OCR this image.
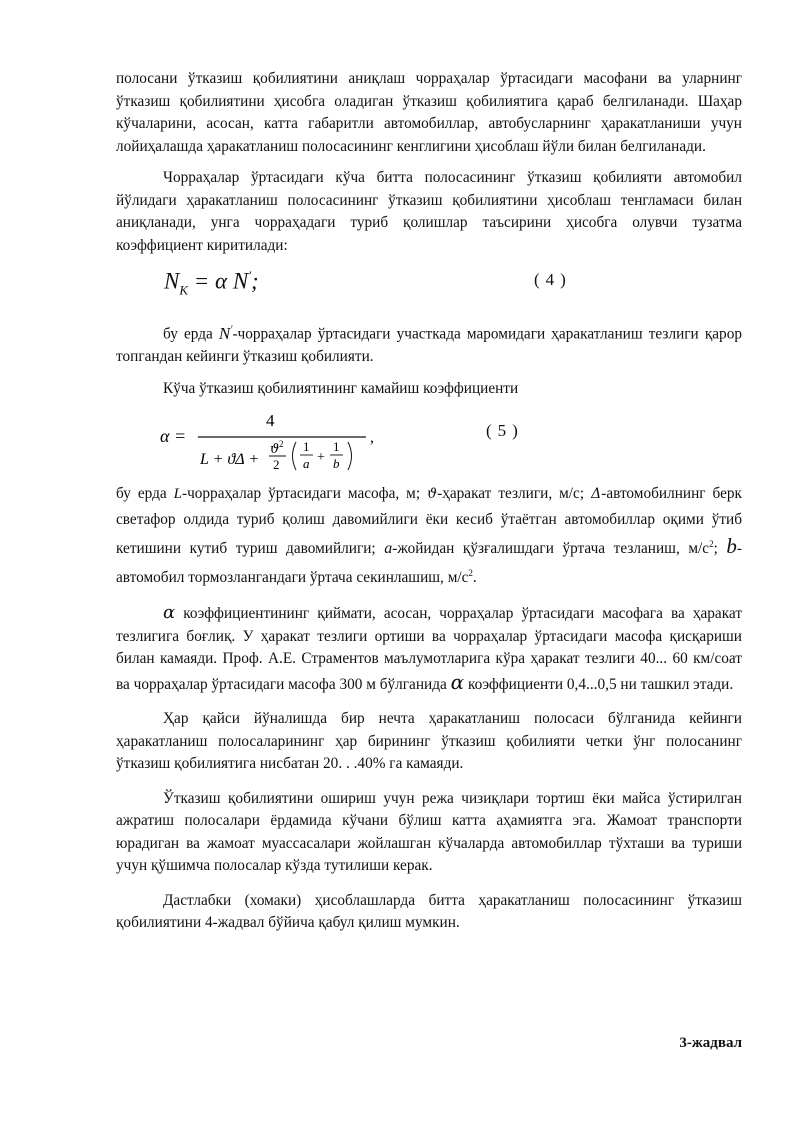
полосани ўтказиш қобилиятини аниқлаш чорраҳалар ўртасидаги масофани ва уларнинг ўтказиш қобилиятини ҳисобга оладиган ўтказиш қобилиятига қараб белгиланади. Шаҳар кўчаларини, асосан, катта габаритли автомобиллар, автобусларнинг ҳаракатланиши учун лойиҳалашда ҳаракатланиш полосасининг кенглигини ҳисоблаш йўли билан белгиланади.

Чорраҳалар ўртасидаги кўча битта полосасининг ўтказиш қобилияти автомобил йўлидаги ҳаракатланиш полосасининг ўтказиш қобилиятини ҳисоблаш тенгламаси билан аниқланади, унга чорраҳадаги туриб қолишлар таъсирини ҳисобга олувчи тузатма коэффициент киритилади:

$N_K = \alpha$ N′;	(4)

бу ерда N′-чорраҳалар ўртасидаги участкада маромидаги ҳаракатланиш тезлиги қарор топгандан кейинги ўтказиш қобилияти.

Кўча ўтказиш қобилиятининг камайиш коэффициенти

α =
4
L + ϑΔ +
ϑ 2
2
1
a +
1
b
,	(5)

бу ерда L-чорраҳалар ўртасидаги масофа, м; ϑ-ҳаракат тезлиги, м/с; Δ-автомобилнинг берк светафор олдида туриб қолиш давомийлиги ёки кесиб ўтаётган автомобиллар оқими ўтиб кетишини кутиб туриш давомийлиги; a-жойидан қўзғалишдаги ўртача тезланиш, $м/с^2$; b-автомобил тормозлангандаги ўртача секинлашиш, $м/с^2$.

α коэффициентининг қиймати, асосан, чорраҳалар ўртасидаги масофага ва ҳаракат тезлигига боғлиқ. У ҳаракат тезлиги ортиши ва чорраҳалар ўртасидаги масофа қисқариши билан камаяди. Проф. А.Е. Страментов маълумотларига кўра ҳаракат тезлиги 40... 60 км/соат ва чорраҳалар ўртасидаги масофа 300 м бўлганида α коэффициенти 0,4...0,5 ни ташкил этади.

Ҳар қайси йўналишда бир нечта ҳаракатланиш полосаси бўлганида кейинги ҳаракатланиш полосаларининг ҳар бирининг ўтказиш қобилияти четки ўнг полосанинг ўтказиш қобилиятига нисбатан 20. . .40% га камаяди.

Ўтказиш қобилиятини ошириш учун режа чизиқлари тортиш ёки майса ўстирилган ажратиш полосалари ёрдамида кўчани бўлиш катта аҳамиятга эга. Жамоат транспорти юрадиган ва жамоат муассасалари жойлашган кўчаларда автомобиллар тўхташи ва туриши учун қўшимча полосалар кўзда тутилиши керак.

Дастлабки (хомаки) ҳисоблашларда битта ҳаракатланиш полосасининг ўтказиш қобилиятини 4-жадвал бўйича қабул қилиш мумкин.

3-жадвал
